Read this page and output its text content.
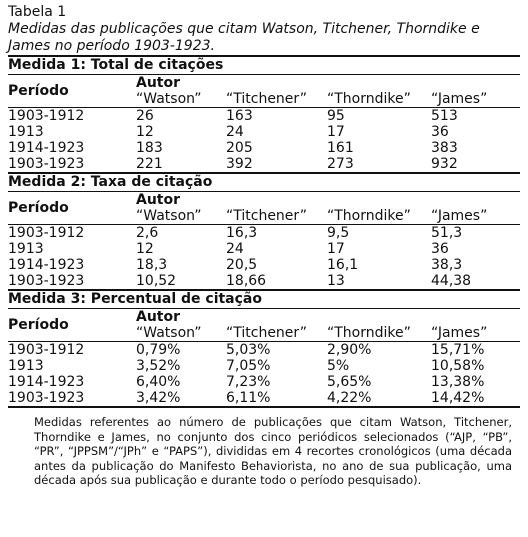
Tabela 1
Medidas das publicações que citam Watson, Titchener, Thorndike e James no período 1903-1923.
Medida 1: Total de citações
Período	Autor			
	“Watson”	“Titchener”	“Thorndike”	“James”
1903-1912	26	163	95	513
1913	12	24	17	36
1914-1923	183	205	161	383
1903-1923	221	392	273	932
Medida 2: Taxa de citação
Período	Autor			
	“Watson”	“Titchener”	“Thorndike”	“James”
1903-1912	2,6	16,3	9,5	51,3
1913	12	24	17	36
1914-1923	18,3	20,5	16,1	38,3
1903-1923	10,52	18,66	13	44,38
Medida 3: Percentual de citação
Período	Autor			
	“Watson”	“Titchener”	“Thorndike”	“James”
1903-1912	0,79%	5,03%	2,90%	15,71%
1913	3,52%	7,05%	5%	10,58%
1914-1923	6,40%	7,23%	5,65%	13,38%
1903-1923	3,42%	6,11%	4,22%	14,42%
Medidas referentes ao número de publicações que citam Watson, Titchener, Thorndike e James, no conjunto dos cinco periódicos selecionados (“AJP, “PB”, “PR”, “JPPSM”/“JPh” e “PAPS”), divididas em 4 recortes cronológicos (uma década antes da publicação do Manifesto Behaviorista, no ano de sua publicação, uma década após sua publicação e durante todo o período pesquisado).
